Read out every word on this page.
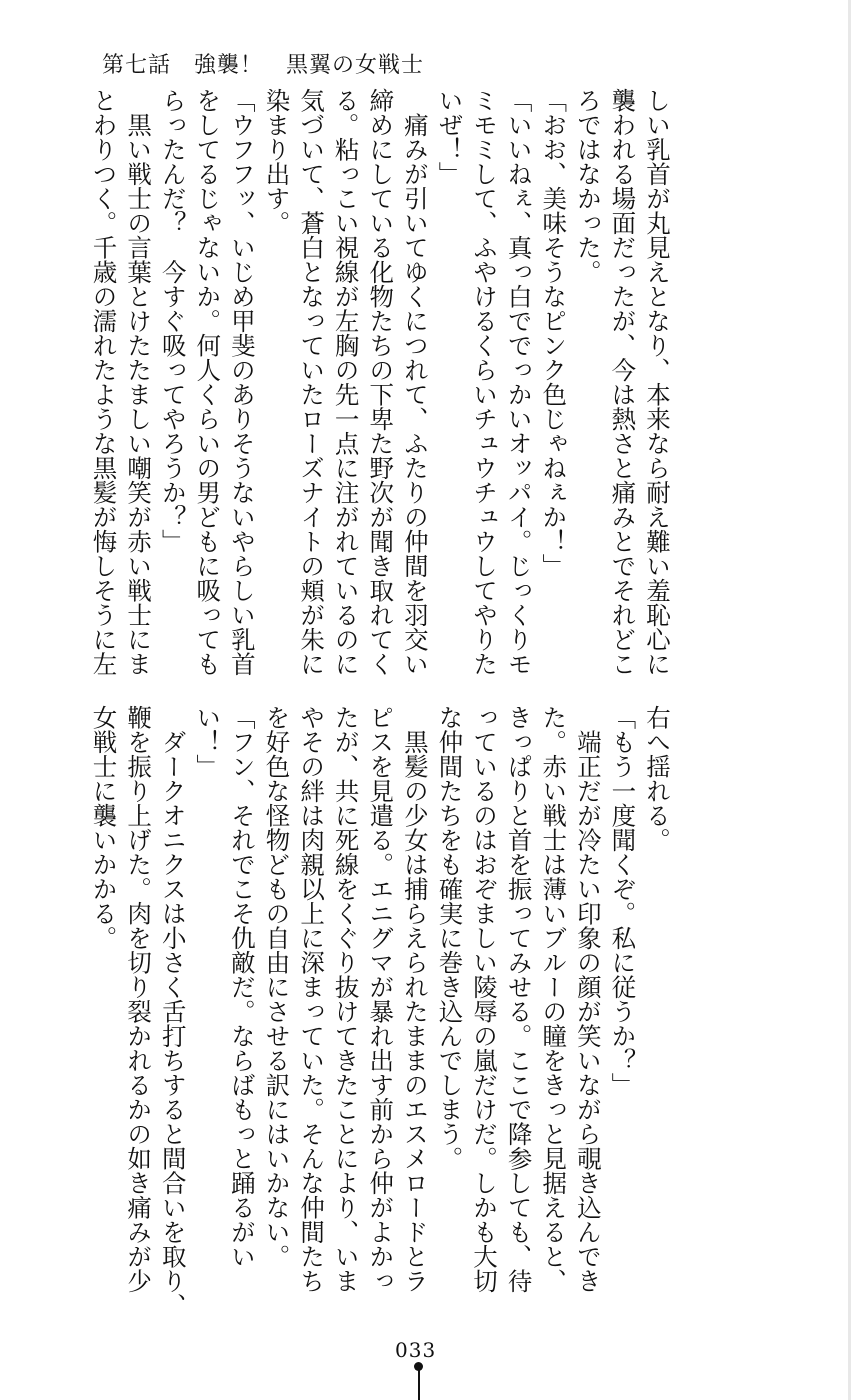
第七話　強襲！　黒翼の女戦士
しい乳首が丸見えとなり、本来なら耐え難い羞恥心に
襲われる場面だったが、今は熱さと痛みとでそれどこ
ろではなかった。
「おお、美味そうなピンク色じゃねぇか！」
「いいねぇ、真っ白ででっかいオッパイ。じっくりモ
ミモミして、ふやけるくらいチュウチュウしてやりた
いぜ！」
　痛みが引いてゆくにつれて、ふたりの仲間を羽交い
締めにしている化物たちの下卑た野次が聞き取れてく
る。粘っこい視線が左胸の先一点に注がれているのに
気づいて、蒼白となっていたローズナイトの頬が朱に
染まり出す。
「ウフフッ、いじめ甲斐のありそうないやらしい乳首
をしてるじゃないか。何人くらいの男どもに吸っても
らったんだ？　今すぐ吸ってやろうか？」
　黒い戦士の言葉とけたたましい嘲笑が赤い戦士にま
とわりつく。千歳の濡れたような黒髪が悔しそうに左
右へ揺れる。
「もう一度聞くぞ。私に従うか？」
　端正だが冷たい印象の顔が笑いながら覗き込んでき
た。赤い戦士は薄いブルーの瞳をきっと見据えると、
きっぱりと首を振ってみせる。ここで降参しても、待
っているのはおぞましい陵辱の嵐だけだ。しかも大切
な仲間たちをも確実に巻き込んでしまう。
　黒髪の少女は捕らえられたままのエスメロードとラ
ピスを見遣る。エニグマが暴れ出す前から仲がよかっ
たが、共に死線をくぐり抜けてきたことにより、いま
やその絆は肉親以上に深まっていた。そんな仲間たち
を好色な怪物どもの自由にさせる訳にはいかない。
「フン、それでこそ仇敵だ。ならばもっと踊るがい
い！」
　ダークオニクスは小さく舌打ちすると間合いを取り、
鞭を振り上げた。肉を切り裂かれるかの如き痛みが少
女戦士に襲いかかる。
033
